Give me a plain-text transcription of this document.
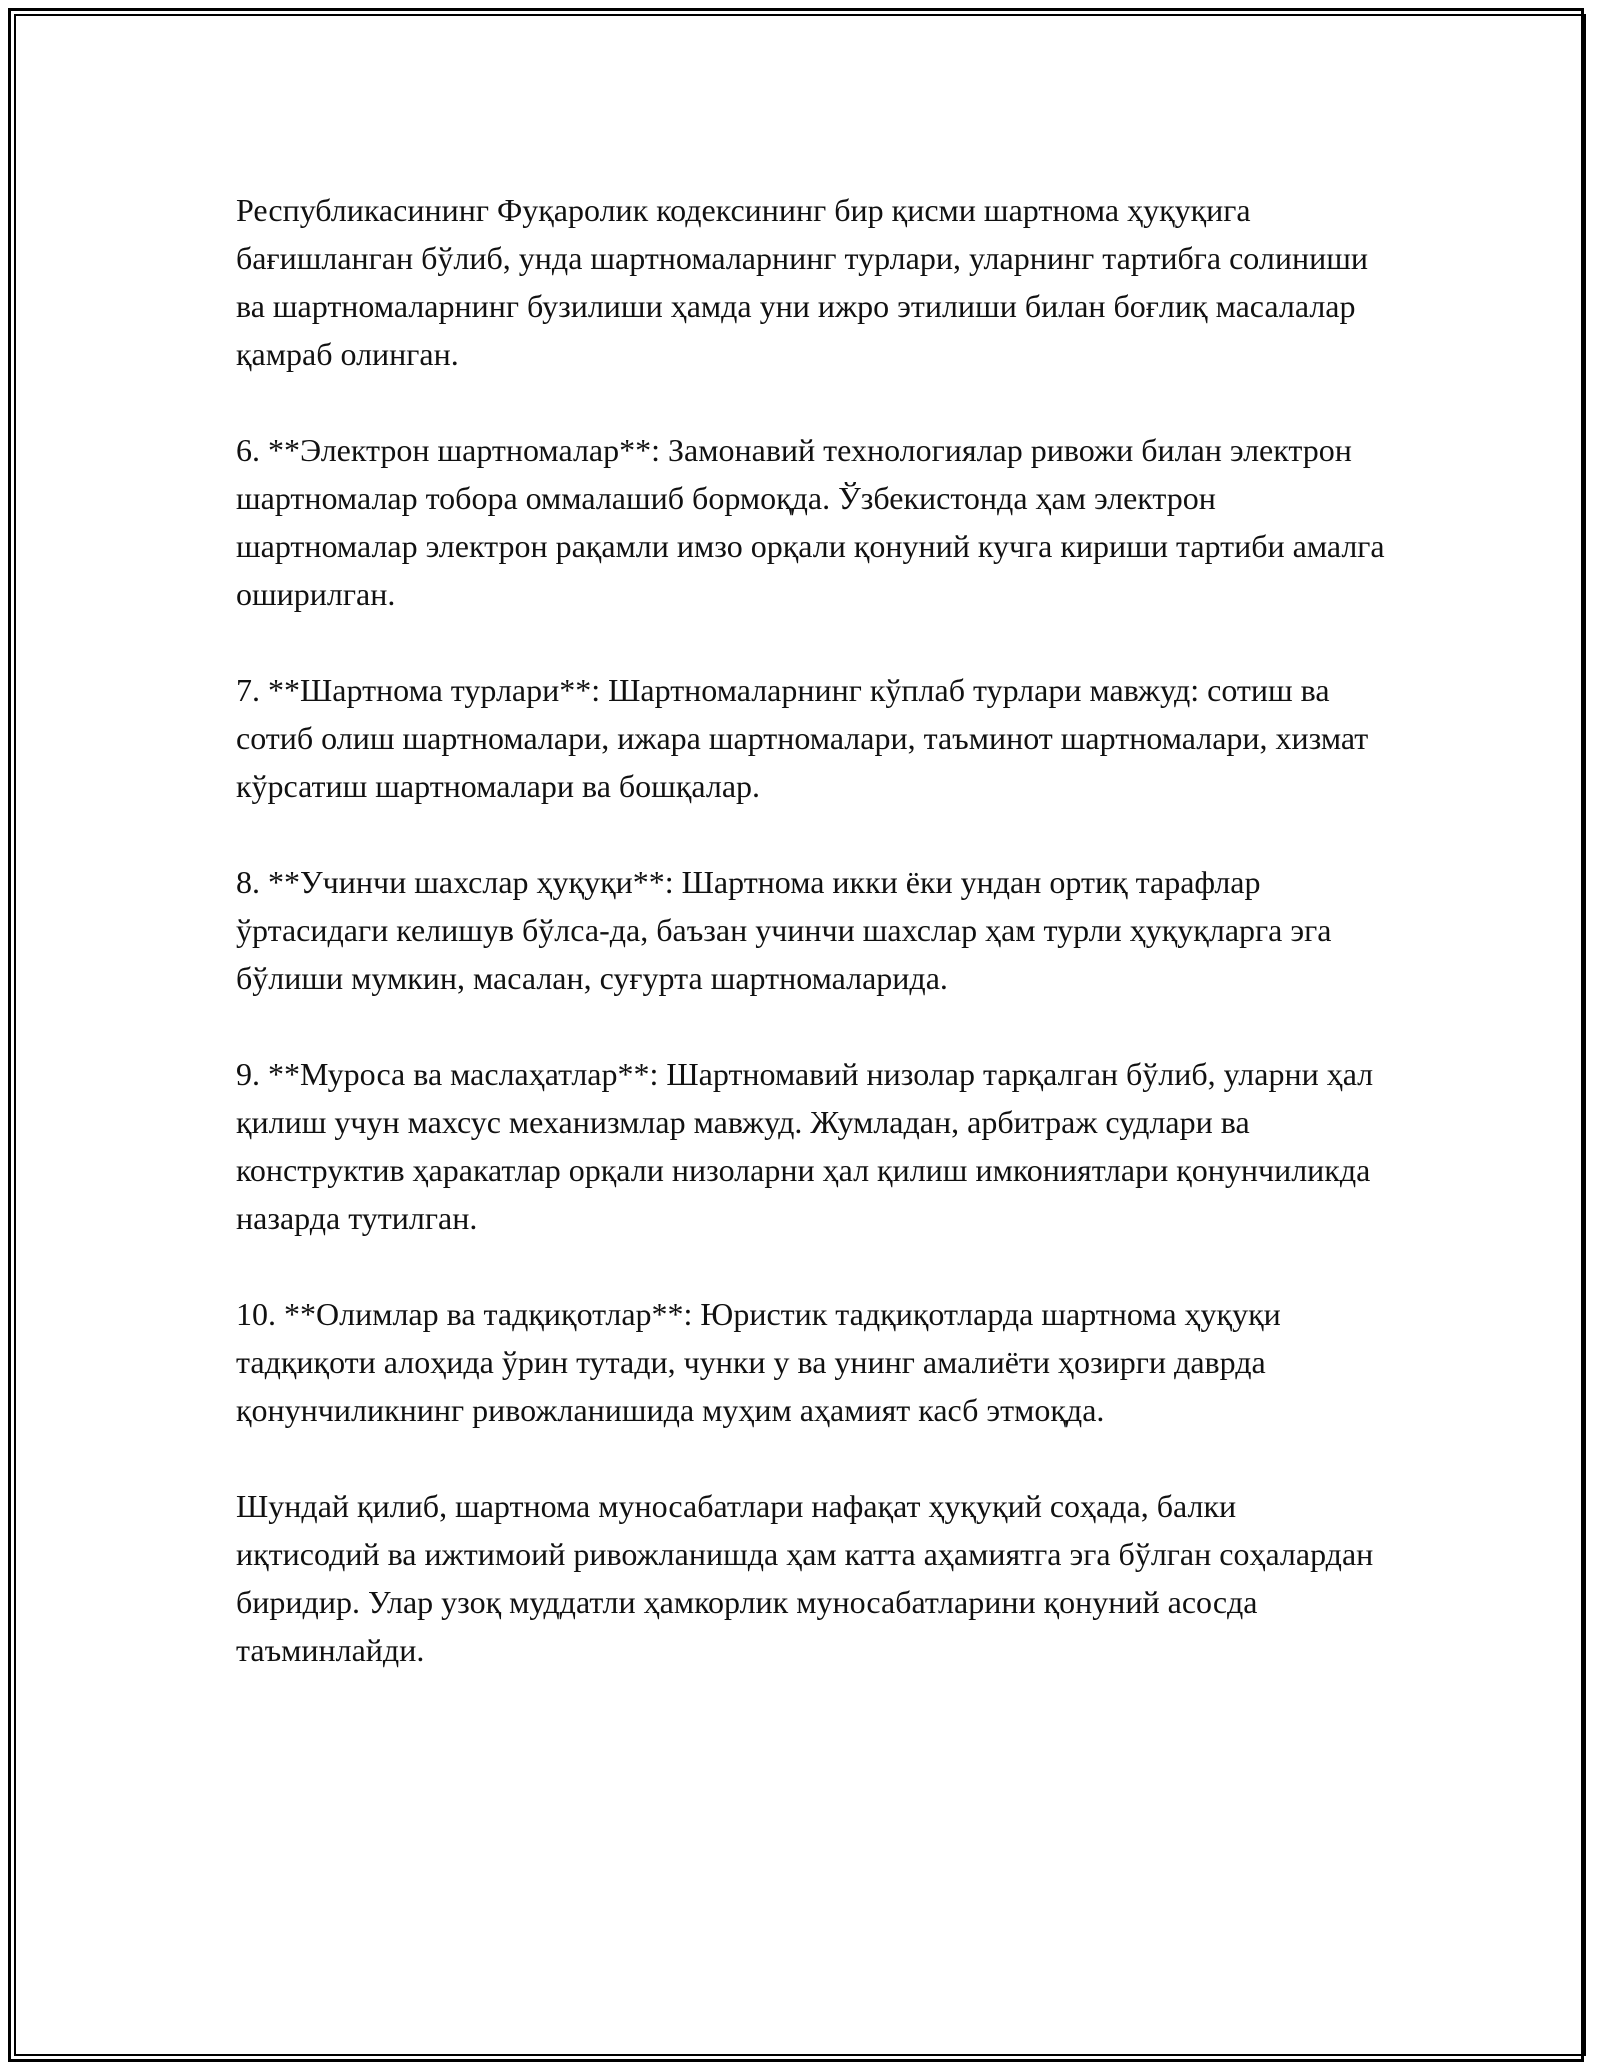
Республикасининг Фуқаролик кодексининг бир қисми шартнома ҳуқуқига бағишланган бўлиб, унда шартномаларнинг турлари, уларнинг тартибга солиниши ва шартномаларнинг бузилиши ҳамда уни ижро этилиши билан боғлиқ масалалар қамраб олинган.

6. **Электрон шартномалар**: Замонавий технологиялар ривожи билан электрон шартномалар тобора оммалашиб бормоқда. Ўзбекистонда ҳам электрон шартномалар электрон рақамли имзо орқали қонуний кучга кириши тартиби амалга оширилган.

7. **Шартнома турлари**: Шартномаларнинг кўплаб турлари мавжуд: сотиш ва сотиб олиш шартномалари, ижара шартномалари, таъминот шартномалари, хизмат кўрсатиш шартномалари ва бошқалар.

8. **Учинчи шахслар ҳуқуқи**: Шартнома икки ёки ундан ортиқ тарафлар ўртасидаги келишув бўлса-да, баъзан учинчи шахслар ҳам турли ҳуқуқларга эга бўлиши мумкин, масалан, суғурта шартномаларида.

9. **Муроса ва маслаҳатлар**: Шартномавий низолар тарқалган бўлиб, уларни ҳал қилиш учун махсус механизмлар мавжуд. Жумладан, арбитраж судлари ва конструктив ҳаракатлар орқали низоларни ҳал қилиш имкониятлари қонунчиликда назарда тутилган.

10. **Олимлар ва тадқиқотлар**: Юристик тадқиқотларда шартнома ҳуқуқи тадқиқоти алоҳида ўрин тутади, чунки у ва унинг амалиёти ҳозирги даврда қонунчиликнинг ривожланишида муҳим аҳамият касб этмоқда.

Шундай қилиб, шартнома муносабатлари нафақат ҳуқуқий соҳада, балки иқтисодий ва ижтимоий ривожланишда ҳам катта аҳамиятга эга бўлган соҳалардан биридир. Улар узоқ муддатли ҳамкорлик муносабатларини қонуний асосда таъминлайди.
